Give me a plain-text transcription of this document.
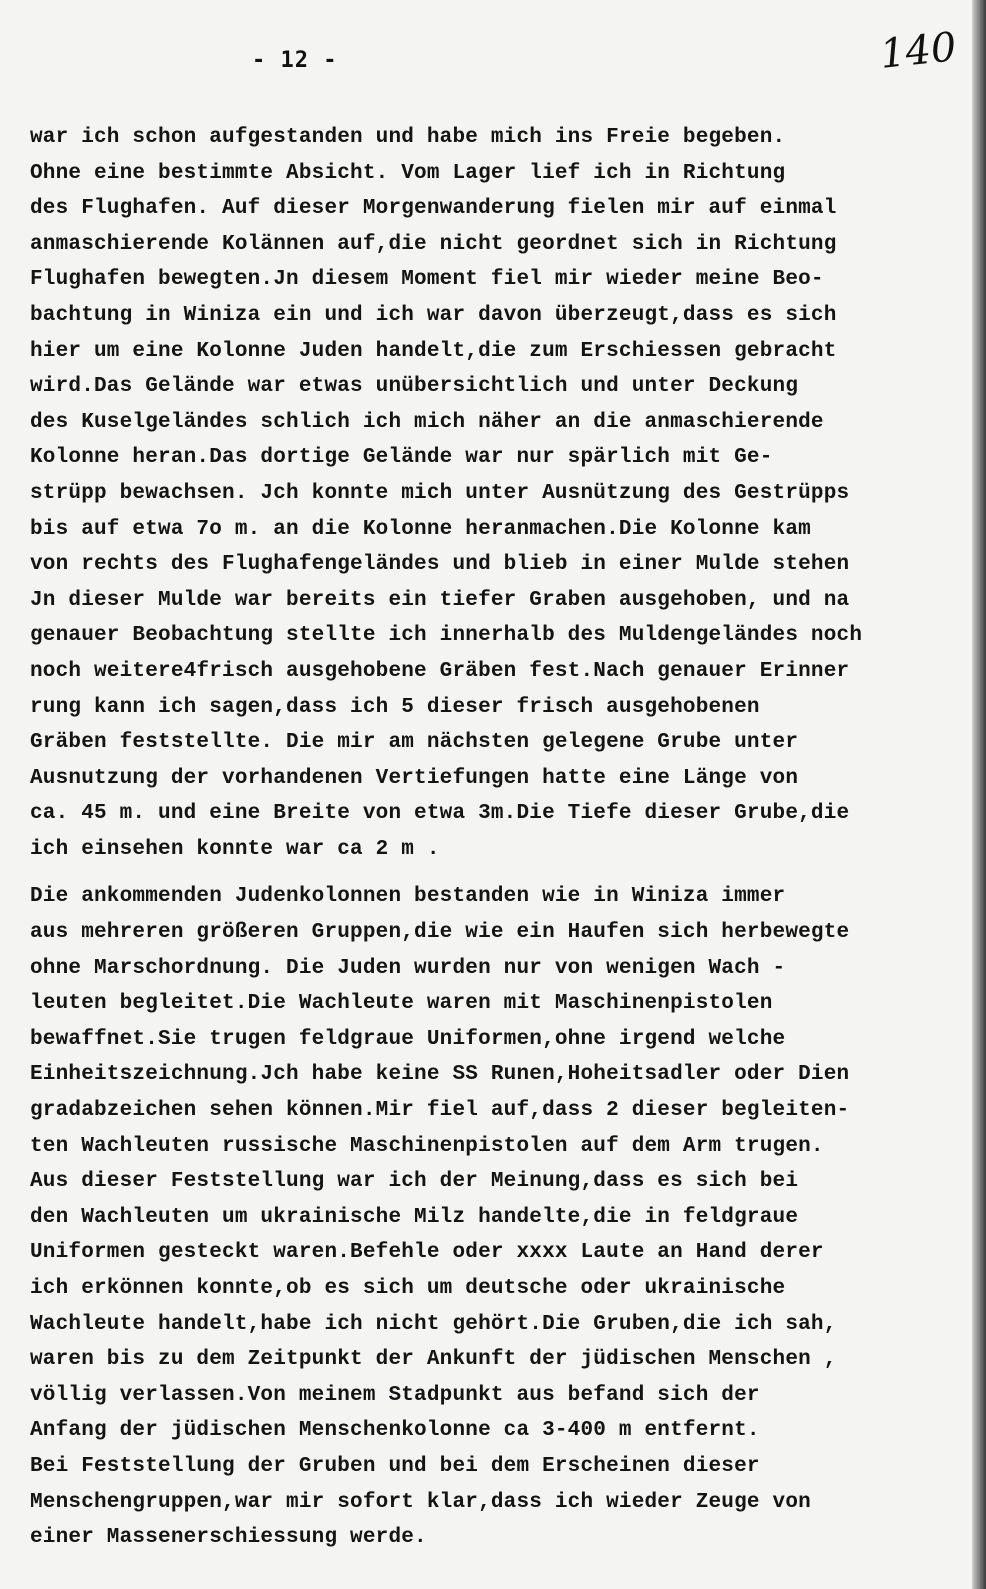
- 12 -	140
war ich schon aufgestanden und habe mich ins Freie begeben.
Ohne eine bestimmte Absicht. Vom Lager lief ich in Richtung
des Flughafen. Auf dieser Morgenwanderung fielen mir auf einmal
anmaschierende Kolännen auf,die nicht geordnet sich in Richtung
Flughafen bewegten.Jn diesem Moment fiel mir wieder meine Beo-
bachtung in Winiza ein und ich war davon überzeugt,dass es sich
hier um eine Kolonne Juden handelt,die zum Erschiessen gebracht
wird.Das Gelände war etwas unübersichtlich und unter Deckung
des Kuselgeländes schlich ich mich näher an die anmaschierende
Kolonne heran.Das dortige Gelände war nur spärlich mit Ge-
strüpp bewachsen. Jch konnte mich unter Ausnützung des Gestrüpps
bis auf etwa 7o m. an die Kolonne heranmachen.Die Kolonne kam
von rechts des Flughafengeländes und blieb in einer Mulde stehen
Jn dieser Mulde war bereits ein tiefer Graben ausgehoben, und na
genauer Beobachtung stellte ich innerhalb des Muldengeländes noch
noch weitere4frisch ausgehobene Gräben fest.Nach genauer Erinner
rung kann ich sagen,dass ich 5 dieser frisch ausgehobenen
Gräben feststellte. Die mir am nächsten gelegene Grube unter
Ausnutzung der vorhandenen Vertiefungen hatte eine Länge von
ca. 45 m. und eine Breite von etwa 3m.Die Tiefe dieser Grube,die
ich einsehen konnte war ca 2 m .
Die ankommenden Judenkolonnen bestanden wie in Winiza immer
aus mehreren größeren Gruppen,die wie ein Haufen sich herbewegte
ohne Marschordnung. Die Juden wurden nur von wenigen Wach -
leuten begleitet.Die Wachleute waren mit Maschinenpistolen
bewaffnet.Sie trugen feldgraue Uniformen,ohne irgend welche
Einheitszeichnung.Jch habe keine SS Runen,Hoheitsadler oder Dien
gradabzeichen sehen können.Mir fiel auf,dass 2 dieser begleiten-
ten Wachleuten russische Maschinenpistolen auf dem Arm trugen.
Aus dieser Feststellung war ich der Meinung,dass es sich bei
den Wachleuten um ukrainische Milz handelte,die in feldgraue
Uniformen gesteckt waren.Befehle oder xxxx Laute an Hand derer
ich erkönnen konnte,ob es sich um deutsche oder ukrainische
Wachleute handelt,habe ich nicht gehört.Die Gruben,die ich sah,
waren bis zu dem Zeitpunkt der Ankunft der jüdischen Menschen ,
völlig verlassen.Von meinem Stadpunkt aus befand sich der
Anfang der jüdischen Menschenkolonne ca 3-400 m entfernt.
Bei Feststellung der Gruben und bei dem Erscheinen dieser
Menschengruppen,war mir sofort klar,dass ich wieder Zeuge von
einer Massenerschiessung werde.
